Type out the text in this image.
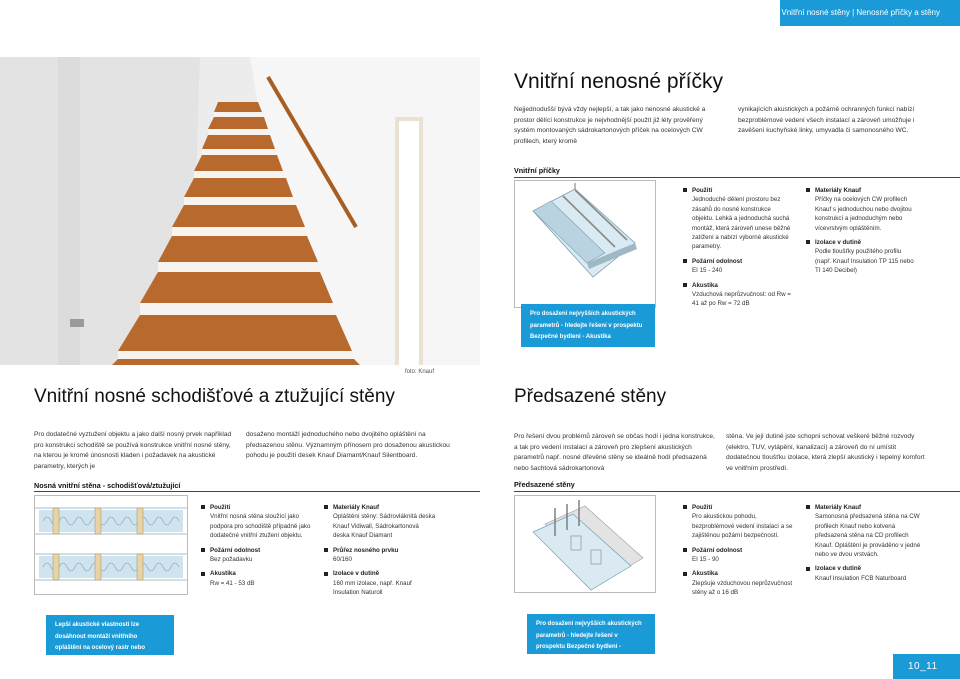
Vnitřní nosné stěny | Nenosné příčky a stěny
foto: Knauf
Vnitřní nenosné příčky
Nejjednodušší bývá vždy nejlepší, a tak jako nenosné akustické a prostor dělící konstrukce je nejvhodnější použít již léty prověřený systém montovaných sádrokartonových příček na ocelových CW profilech, který kromě
vynikajících akustických a požárně ochranných funkcí nabízí bezproblémové vedení všech instalací a zároveň umožňuje i zavěšení kuchyňské linky, umyvadla či samonosného WC.
Vnitřní příčky
Pro dosažení nejvyšších akustických parametrů - hledejte řešení v prospektu Bezpečné bydlení - Akustika
Použití
Jednoduché dělení prostoru bez zásahů do nosné konstrukce objektu. Lehká a jednoduchá suchá montáž, která zároveň unese běžné zatížení a nabízí výborné akustické parametry.
Požární odolnost
EI 15 - 240
Akustika
Vzduchová neprůzvučnost: od Rw = 41 až po Rw = 72 dB
Materiály Knauf
Příčky na ocelových CW profilech Knauf s jednoduchou nebo dvojitou konstrukcí a jednoduchým nebo vícevrstvým opláštěním.
Izolace v dutině
Podle tloušťky použitého profilu (např. Knauf Insulation TP 115 nebo TI 140 Decibel)
Vnitřní nosné schodišťové a ztužující stěny
Pro dodatečné vyztužení objektu a jako další nosný prvek například pro konstrukci schodiště se používá konstrukce vnitřní nosné stěny, na kterou je kromě únosnosti kladen i požadavek na akustické parametry, kterých je
dosaženo montáží jednoduchého nebo dvojitého opláštění na předsazenou stěnu. Významným přínosem pro dosaženou akustickou pohodu je použití desek Knauf Diamant/Knauf Silentboard.
Nosná vnitřní stěna - schodišťová/ztužující
Lepší akustické vlastnosti lze dosáhnout montáží vnitřního opláštění na ocelový rastr nebo zvětšením počtu a tloušťky opláštění.
Použití
Vnitřní nosná stěna sloužící jako podpora pro schodiště případně jako dodatečné vnitřní ztužení objektu.
Požární odolnost
Bez požadavku
Akustika
Rw = 41 - 53 dB
Materiály Knauf
Opláštění stěny: Sádrovláknitá deska Knauf Vidiwall, Sádrokartonová deska Knauf Diamant
Průřez nosného prvku
60/160
Izolace v dutině
160 mm izolace, např. Knauf Insulation Naturoll
Předsazené stěny
Pro řešení dvou problémů zároveň se občas hodí i jedna konstrukce, a tak pro vedení instalací a zároveň pro zlepšení akustických parametrů např. nosné dřevěné stěny se ideálně hodí předsazená nebo šachtová sádrokartonová
stěna. Ve její dutině jste schopni schovat veškeré běžné rozvody (elektro, TUV, vytápění, kanalizaci) a zároveň do ní umístit dodatečnou tloušťku izolace, která zlepší akustický i tepelný komfort ve vnitřním prostředí.
Předsazené stěny
Pro dosažení nejvyšších akustických parametrů - hledejte řešení v prospektu Bezpečné bydlení - Akustika
Použití
Pro akustickou pohodu, bezproblémové vedení instalací a se zajištěnou požární bezpečností.
Požární odolnost
EI 15 - 90
Akustika
Zlepšuje vzduchovou neprůzvučnost stěny až o 16 dB
Materiály Knauf
Samonosná předsazená stěna na CW profilech Knauf nebo kotvená předsazená stěna na CD profilech Knauf. Opláštění je prováděno v jedné nebo ve dvou vrstvách.
Izolace v dutině
Knauf Insulation FCB Naturboard
10_11
